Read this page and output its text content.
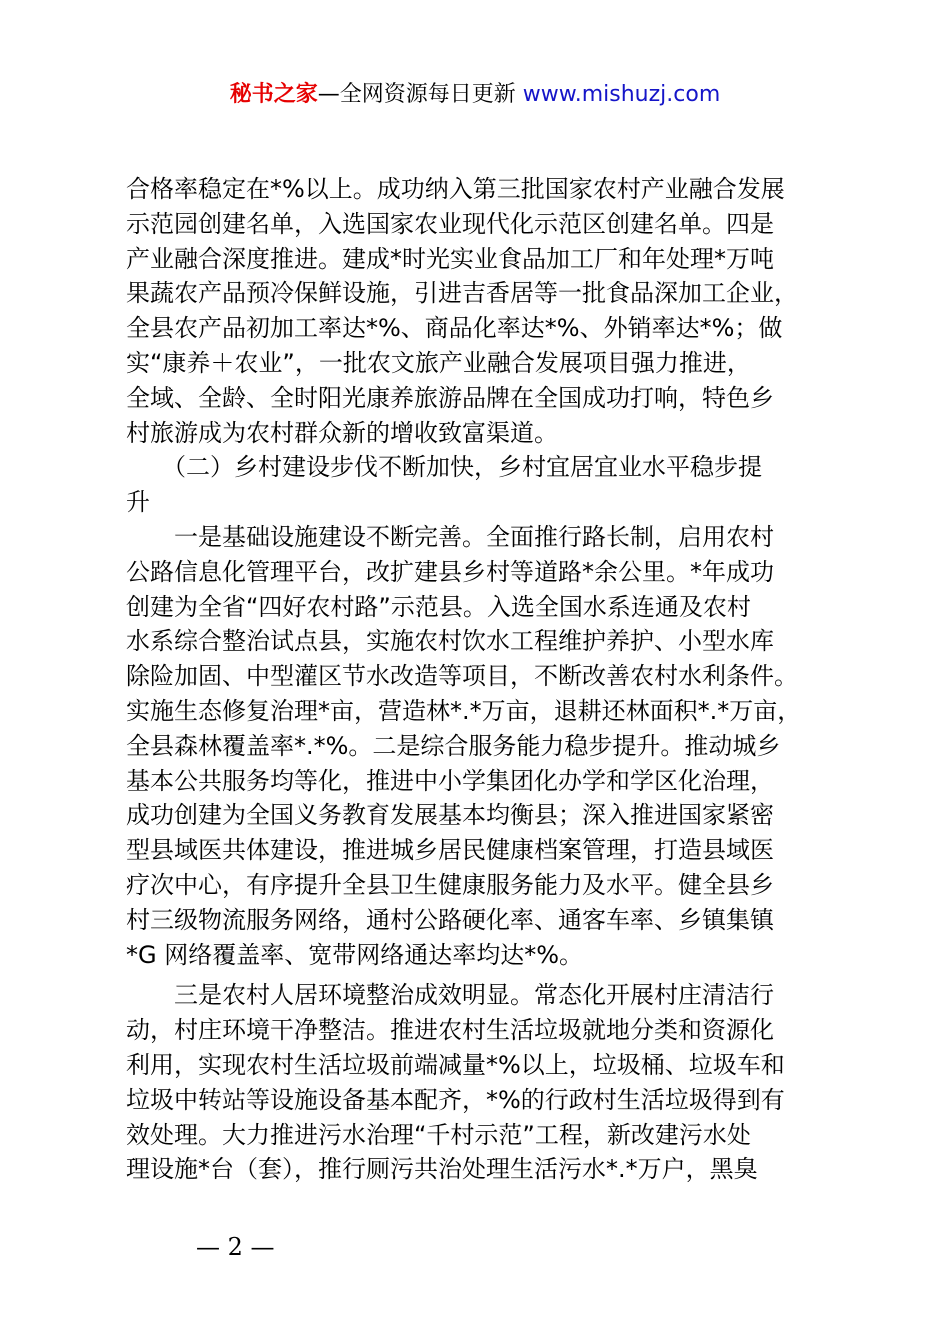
秘书之家—全网资源每日更新 www.mishuzj.com
合格率稳定在*%以上。成功纳入第三批国家农村产业融合发展
示范园创建名单，入选国家农业现代化示范区创建名单。四是
产业融合深度推进。建成*时光实业食品加工厂和年处理*万吨
果蔬农产品预冷保鲜设施，引进吉香居等一批食品深加工企业，
全县农产品初加工率达*%、商品化率达*%、外销率达*%；做
实“康养＋农业”，一批农文旅产业融合发展项目强力推进，
全域、全龄、全时阳光康养旅游品牌在全国成功打响，特色乡
村旅游成为农村群众新的增收致富渠道。
　　（二）乡村建设步伐不断加快，乡村宜居宜业水平稳步提
升
　　一是基础设施建设不断完善。全面推行路长制，启用农村
公路信息化管理平台，改扩建县乡村等道路*余公里。*年成功
创建为全省“四好农村路”示范县。入选全国水系连通及农村
水系综合整治试点县，实施农村饮水工程维护养护、小型水库
除险加固、中型灌区节水改造等项目，不断改善农村水利条件。
实施生态修复治理*亩，营造林*.*万亩，退耕还林面积*.*万亩，
全县森林覆盖率*.*%。二是综合服务能力稳步提升。推动城乡
基本公共服务均等化，推进中小学集团化办学和学区化治理，
成功创建为全国义务教育发展基本均衡县；深入推进国家紧密
型县域医共体建设，推进城乡居民健康档案管理，打造县域医
疗次中心，有序提升全县卫生健康服务能力及水平。健全县乡
村三级物流服务网络，通村公路硬化率、通客车率、乡镇集镇
*G 网络覆盖率、宽带网络通达率均达*%。
　　三是农村人居环境整治成效明显。常态化开展村庄清洁行
动，村庄环境干净整洁。推进农村生活垃圾就地分类和资源化
利用，实现农村生活垃圾前端减量*%以上，垃圾桶、垃圾车和
垃圾中转站等设施设备基本配齐，*%的行政村生活垃圾得到有
效处理。大力推进污水治理“千村示范”工程，新改建污水处
理设施*台（套），推行厕污共治处理生活污水*.*万户，黑臭
— 2 —
